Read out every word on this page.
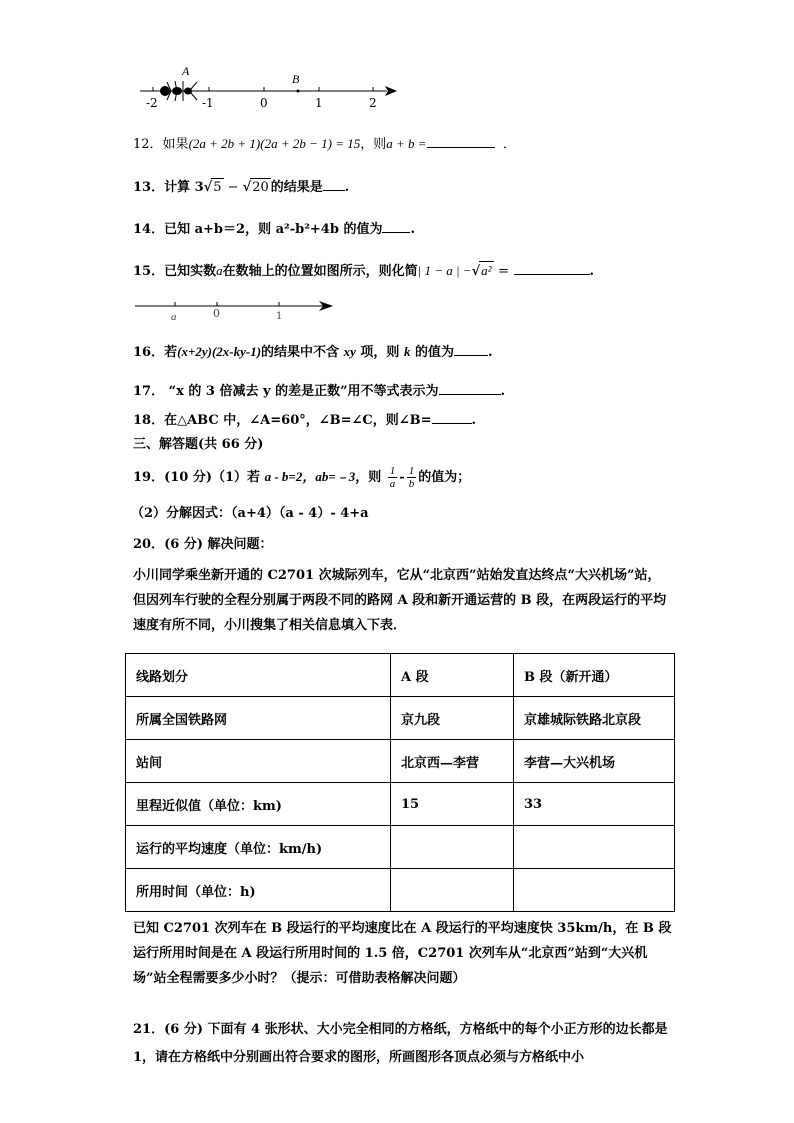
A
B
-2	-1	0	1	2
12．如果(2a + 2b + 1)(2a + 2b − 1) = 15，则a + b =	．
13．计算 3√5 − √20 的结果是 .
14．已知 a+b＝2，则 a²-b²+4b 的值为 .
15．已知实数a在数轴上的位置如图所示，则化简| 1 − a | −√a² =	.
a	0	1
16．若(x+2y)(2x-ky-1)的结果中不含 xy 项，则 k 的值为	.
17． “x 的 3 倍减去 y 的差是正数”用不等式表示为	.
18．在△ABC 中，∠A=60°，∠B=∠C，则∠B=	.
三、解答题(共 66 分)
19．(10 分)（1）若 a - b=2，ab=﹣3，则 $\frac{1}{a} - \frac{1}{b}$ 的值为；
（2）分解因式：（a+4）（a - 4）- 4+a
20．(6 分) 解决问题：
小川同学乘坐新开通的 C2701 次城际列车，它从“北京西”站始发直达终点“大兴机场”站，但因列车行驶的全程分别属于两段不同的路网 A 段和新开通运营的 B 段，在两段运行的平均速度有所不同，小川搜集了相关信息填入下表．
线路划分	A 段	B 段（新开通）
所属全国铁路网	京九段	京雄城际铁路北京段
站间	北京西—李营	李营—大兴机场
里程近似值（单位：km)	15	33
运行的平均速度（单位：km/h)		
所用时间（单位：h)		
已知 C2701 次列车在 B 段运行的平均速度比在 A 段运行的平均速度快 35km/h，在 B 段运行所用时间是在 A 段运行所用时间的 1.5 倍，C2701 次列车从“北京西”站到“大兴机场”站全程需要多少小时？（提示：可借助表格解决问题）
21．(6 分) 下面有 4 张形状、大小完全相同的方格纸，方格纸中的每个小正方形的边长都是 1，请在方格纸中分别画出符合要求的图形，所画图形各顶点必须与方格纸中小
